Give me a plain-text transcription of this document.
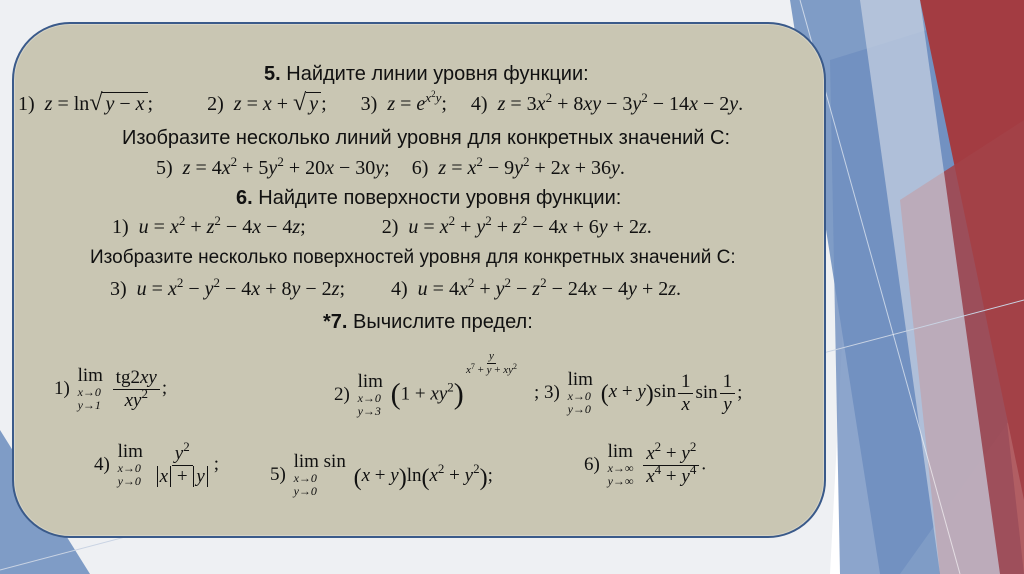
5. Найдите линии уровня функции:
1) z = ln√ y − x ;	2) z = x + √ y ; 3) $z = e^{x^2y}$; 4) $z = 3x^2 + 8xy - 3y^2 - 14x - 2y$.
Изобразите несколько линий уровня для конкретных значений C:
5) $z = 4x^2 + 5y^2 + 20x - 30y$; 6) $z = x^2 - 9y^2 + 2x + 36y$.
6. Найдите поверхности уровня функции:
1) $u = x^2 + z^2 - 4x - 4z$;	2) $u = x^2 + y^2 + z^2 - 4x + 6y + 2z$.
Изобразите несколько поверхностей уровня для конкретных значений C:
3) $u = x^2 - y^2 - 4x + 8y - 2z$; 4) $u = 4x^2 + y^2 - z^2 - 24x - 4y + 2z$.
*7. Вычислите предел:
1)
lim
x→0
y→1
$\frac{tg2xy}{xy^2}$ ;
$\frac{y}{x^7 + y + xy^2}$
2)
lim
x→0
y→3
$(1 + xy^2)$	; 3)
lim
x→0
y→0
$(x + y)\sin \frac{1}{x}$ $\sin \frac{1}{y}$ ;
4)
lim
x→0
y→0
$\frac{y^2}{x + y}$ ;
5)
lim sin
x→0
y→0 $(x + y)\ln(x^2 + y^2)$;
6)
lim
x→∞
y→∞
$\frac{x^2 + y^2}{x^4 + y^4}$ .
